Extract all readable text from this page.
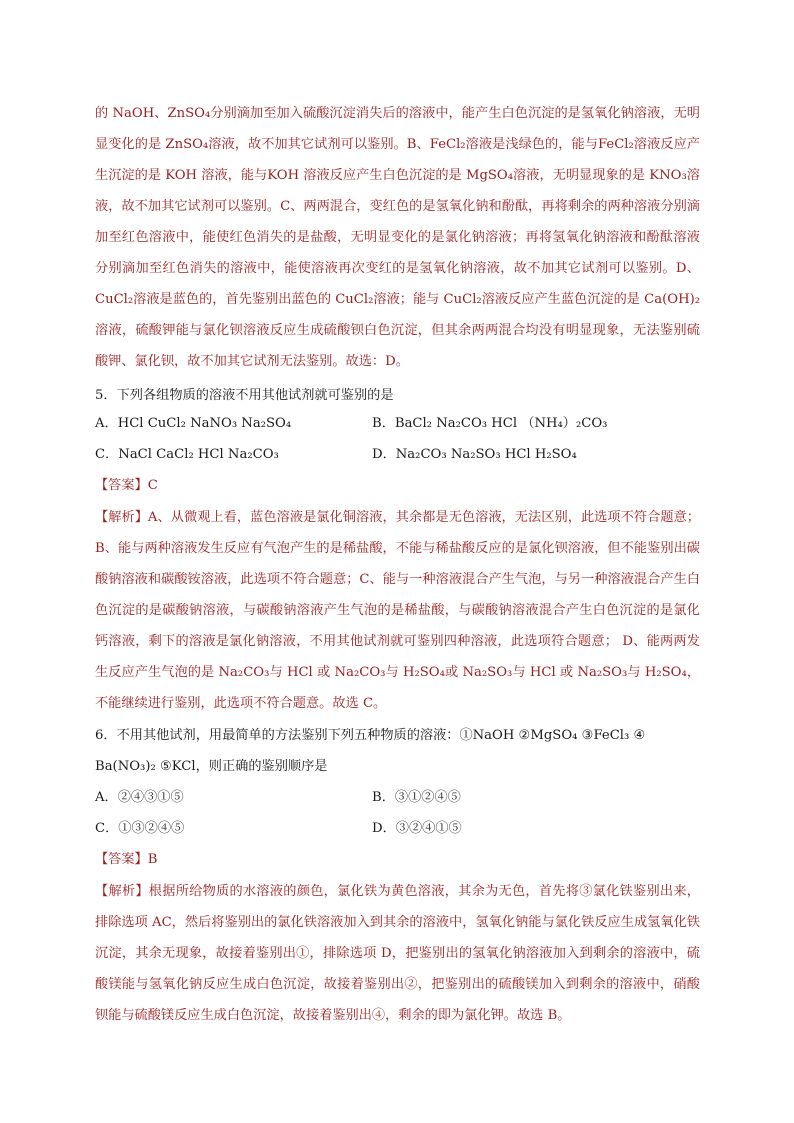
的 NaOH、ZnSO₄分别滴加至加入硫酸沉淀消失后的溶液中，能产生白色沉淀的是氢氧化钠溶液，无明显变化的是 ZnSO₄溶液，故不加其它试剂可以鉴别。B、FeCl₂溶液是浅绿色的，能与FeCl₂溶液反应产生沉淀的是 KOH 溶液，能与KOH 溶液反应产生白色沉淀的是 MgSO₄溶液，无明显现象的是 KNO₃溶液，故不加其它试剂可以鉴别。C、两两混合，变红色的是氢氧化钠和酚酞，再将剩余的两种溶液分别滴加至红色溶液中，能使红色消失的是盐酸，无明显变化的是氯化钠溶液；再将氢氧化钠溶液和酚酞溶液分别滴加至红色消失的溶液中，能使溶液再次变红的是氢氧化钠溶液，故不加其它试剂可以鉴别。D、CuCl₂溶液是蓝色的，首先鉴别出蓝色的 CuCl₂溶液；能与 CuCl₂溶液反应产生蓝色沉淀的是 Ca(OH)₂溶液，硫酸钾能与氯化钡溶液反应生成硫酸钡白色沉淀，但其余两两混合均没有明显现象，无法鉴别硫酸钾、氯化钡，故不加其它试剂无法鉴别。故选：D。

5．下列各组物质的溶液不用其他试剂就可鉴别的是
A．HCl CuCl₂ NaNO₃ Na₂SO₄	B．BaCl₂ Na₂CO₃ HCl （NH₄）₂CO₃
C．NaCl CaCl₂ HCl Na₂CO₃	D．Na₂CO₃ Na₂SO₃ HCl H₂SO₄
【答案】C

【解析】A、从微观上看，蓝色溶液是氯化铜溶液，其余都是无色溶液，无法区别，此选项不符合题意；B、能与两种溶液发生反应有气泡产生的是稀盐酸，不能与稀盐酸反应的是氯化钡溶液，但不能鉴别出碳酸钠溶液和碳酸铵溶液，此选项不符合题意；C、能与一种溶液混合产生气泡，与另一种溶液混合产生白色沉淀的是碳酸钠溶液，与碳酸钠溶液产生气泡的是稀盐酸，与碳酸钠溶液混合产生白色沉淀的是氯化钙溶液，剩下的溶液是氯化钠溶液，不用其他试剂就可鉴别四种溶液，此选项符合题意； D、能两两发生反应产生气泡的是 Na₂CO₃与 HCl 或 Na₂CO₃与 H₂SO₄或 Na₂SO₃与 HCl 或 Na₂SO₃与 H₂SO₄，不能继续进行鉴别，此选项不符合题意。故选 C。

6．不用其他试剂，用最简单的方法鉴别下列五种物质的溶液：①NaOH ②MgSO₄ ③FeCl₃ ④
Ba(NO₃)₂ ⑤KCl，则正确的鉴别顺序是
A．②④③①⑤	B．③①②④⑤
C．①③②④⑤	D．③②④①⑤
【答案】B

【解析】根据所给物质的水溶液的颜色，氯化铁为黄色溶液，其余为无色，首先将③氯化铁鉴别出来，排除选项 AC，然后将鉴别出的氯化铁溶液加入到其余的溶液中，氢氧化钠能与氯化铁反应生成氢氧化铁沉淀，其余无现象，故接着鉴别出①，排除选项 D，把鉴别出的氢氧化钠溶液加入到剩余的溶液中，硫酸镁能与氢氧化钠反应生成白色沉淀，故接着鉴别出②，把鉴别出的硫酸镁加入到剩余的溶液中，硝酸钡能与硫酸镁反应生成白色沉淀，故接着鉴别出④，剩余的即为氯化钾。故选 B。
